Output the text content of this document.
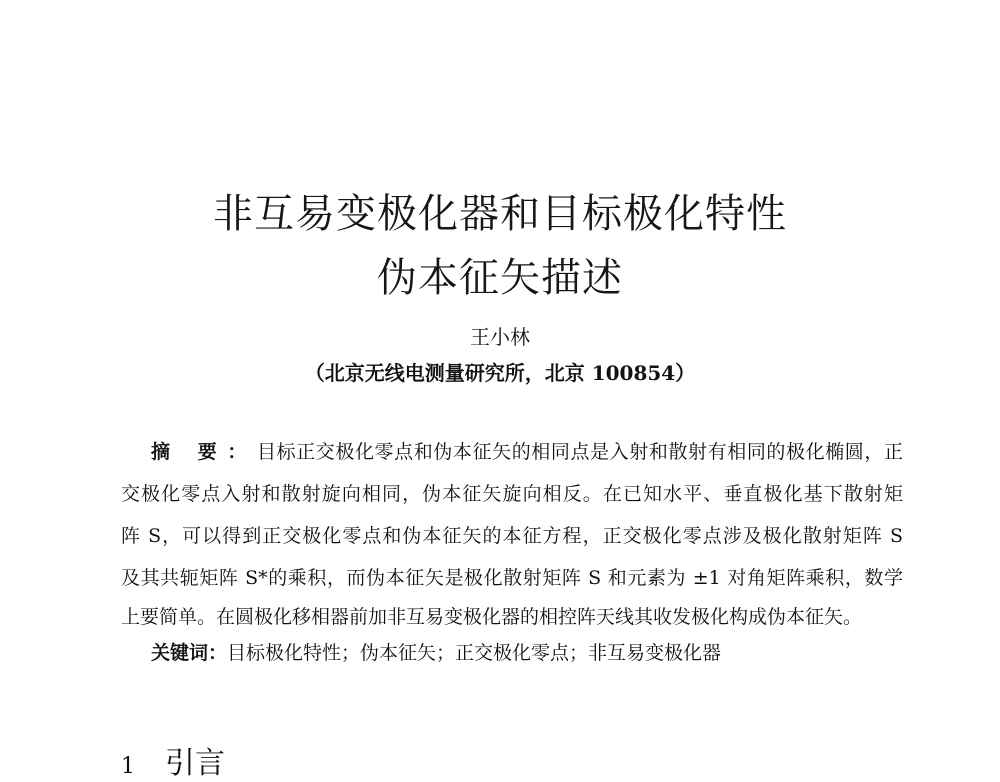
非互易变极化器和目标极化特性
伪本征矢描述
王小林
（北京无线电测量研究所，北京 100854）
摘 要：目标正交极化零点和伪本征矢的相同点是入射和散射有相同的极化椭圆，正
交极化零点入射和散射旋向相同，伪本征矢旋向相反。在已知水平、垂直极化基下散射矩
阵 S，可以得到正交极化零点和伪本征矢的本征方程，正交极化零点涉及极化散射矩阵 S
及其共轭矩阵 S*的乘积，而伪本征矢是极化散射矩阵 S 和元素为 ±1 对角矩阵乘积，数学
上要简单。在圆极化移相器前加非互易变极化器的相控阵天线其收发极化构成伪本征矢。
关键词：目标极化特性；伪本征矢；正交极化零点；非互易变极化器
1 引言
